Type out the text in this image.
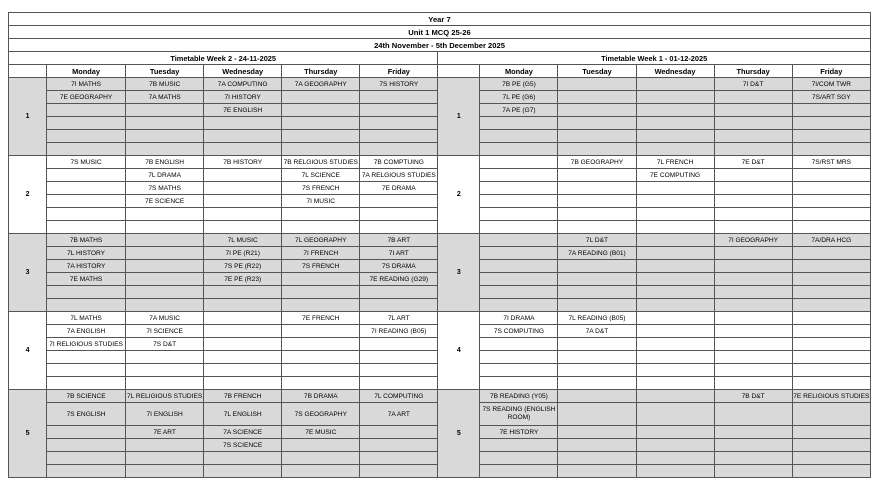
Year 7											
Unit 1 MCQ 25-26											
24th November - 5th December 2025											
Timetable Week 2 - 24-11-2025						Timetable Week 1 - 01-12-2025					
	Monday	Tuesday	Wednesday	Thursday	Friday		Monday	Tuesday	Wednesday	Thursday	Friday
1	7I MATHS	7B MUSIC	7A COMPUTING	7A GEOGRAPHY	7S HISTORY	1	7B PE (G5)			7I D&T	7I/COM TWR
	7E GEOGRAPHY	7A MATHS	7I HISTORY				7L PE (G6)				7S/ART SGY
			7E ENGLISH				7A PE (G7)				

2	7S MUSIC	7B ENGLISH	7B HISTORY	7B RELGIOUS STUDIES	7B COMPTUING	2		7B GEOGRAPHY	7L FRENCH	7E D&T	7S/RST MRS
		7L DRAMA		7L SCIENCE	7A RELGIOUS STUDIES				7E COMPUTING		
		7S MATHS		7S FRENCH	7E DRAMA						
		7E SCIENCE		7I MUSIC							

3	7B MATHS		7L MUSIC	7L GEOGRAPHY	7B ART	3		7L D&T		7I GEOGRAPHY	7A/DRA HCG
	7L HISTORY		7I PE (R21)	7I FRENCH	7I ART			7A READING (B01)			
	7A HISTORY		7S PE (R22)	7S FRENCH	7S DRAMA						
	7E MATHS		7E PE (R23)		7E READING (G29)						

4	7L MATHS	7A MUSIC		7E FRENCH	7L ART	4	7I DRAMA	7L READING (B05)			
	7A ENGLISH	7I SCIENCE			7I READING (B05)		7S COMPUTING	7A D&T			
	7I RELIGIOUS STUDIES	7S D&T									

5	7B SCIENCE	7L RELIGIOUS STUDIES	7B FRENCH	7B DRAMA	7L COMPUTING	5	7B READING (Y05)			7B D&T	7E RELIGIOUS STUDIES
	7S ENGLISH	7I ENGLISH	7L ENGLISH	7S GEOGRAPHY	7A ART		7S READING (ENGLISH ROOM)				
		7E ART	7A SCIENCE	7E MUSIC			7E HISTORY				
			7S SCIENCE								
